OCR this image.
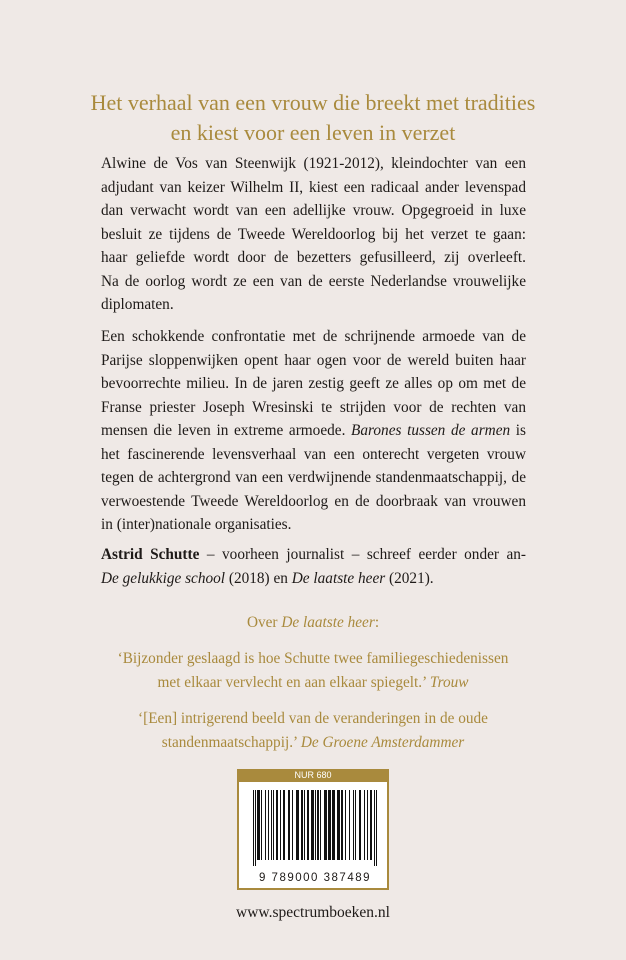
Het verhaal van een vrouw die breekt met tradities
en kiest voor een leven in verzet
Alwine de Vos van Steenwijk (1921-2012), kleindochter van een
adjudant van keizer Wilhelm II, kiest een radicaal ander levenspad
dan verwacht wordt van een adellijke vrouw. Opgegroeid in luxe
besluit ze tijdens de Tweede Wereldoorlog bij het verzet te gaan:
haar geliefde wordt door de bezetters gefusilleerd, zij overleeft.
Na de oorlog wordt ze een van de eerste Nederlandse vrouwelijke
diplomaten.
Een schokkende confrontatie met de schrijnende armoede van de
Parijse sloppenwijken opent haar ogen voor de wereld buiten haar
bevoorrechte milieu. In de jaren zestig geeft ze alles op om met de
Franse priester Joseph Wresinski te strijden voor de rechten van
mensen die leven in extreme armoede. Barones tussen de armen is
het fascinerende levensverhaal van een onterecht vergeten vrouw
tegen de achtergrond van een verdwijnende standenmaatschappij, de
verwoestende Tweede Wereldoorlog en de doorbraak van vrouwen
in (inter)nationale organisaties.
Astrid Schutte – voorheen journalist – schreef eerder onder an-
De gelukkige school (2018) en De laatste heer (2021).
Over De laatste heer:
‘Bijzonder geslaagd is hoe Schutte twee familiegeschiedenissen
met elkaar vervlecht en aan elkaar spiegelt.’ Trouw
‘[Een] intrigerend beeld van de veranderingen in de oude
standenmaatschappij.’ De Groene Amsterdammer
NUR 680
9 789000 387489
www.spectrumboeken.nl
